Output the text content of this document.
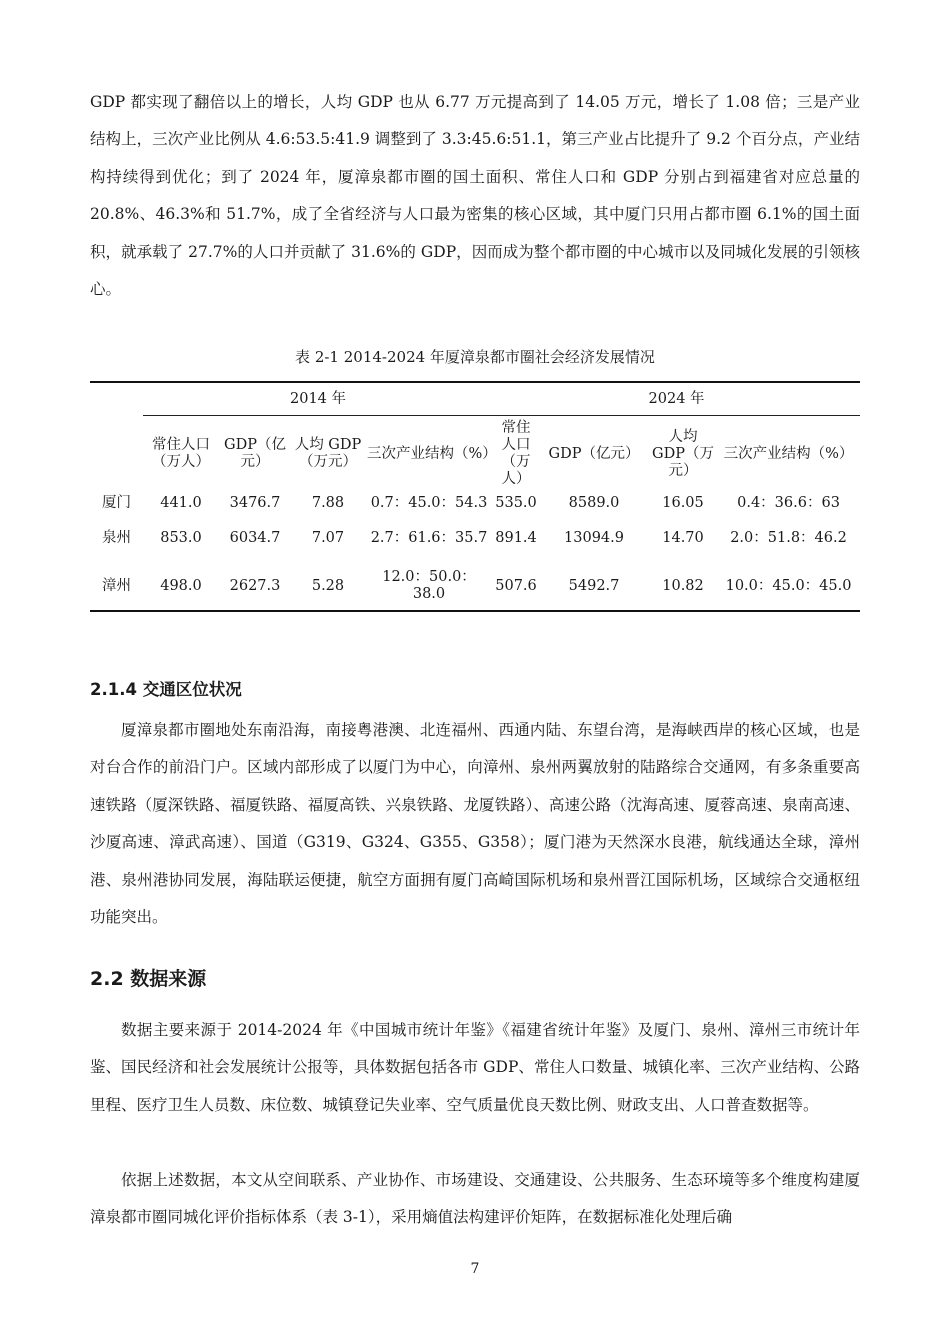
GDP 都实现了翻倍以上的增长，人均 GDP 也从 6.77 万元提高到了 14.05 万元，增长了 1.08 倍；三是产业结构上，三次产业比例从 4.6:53.5:41.9 调整到了 3.3:45.6:51.1，第三产业占比提升了 9.2 个百分点，产业结构持续得到优化；到了 2024 年，厦漳泉都市圈的国土面积、常住人口和 GDP 分别占到福建省对应总量的 20.8%、46.3%和 51.7%，成了全省经济与人口最为密集的核心区域，其中厦门只用占都市圈 6.1%的国土面积，就承载了 27.7%的人口并贡献了 31.6%的 GDP，因而成为整个都市圈的中心城市以及同城化发展的引领核心。

表 2-1 2014-2024 年厦漳泉都市圈社会经济发展情况

	2014 年				2024 年			
	常住人口（万人）	GDP（亿元）	人均 GDP（万元）	三次产业结构（%）	常住人口（万人）	GDP（亿元）	人均 GDP（万元）	三次产业结构（%）
厦门	441.0	3476.7	7.88	0.7：45.0：54.3	535.0	8589.0	16.05	0.4：36.6：63
泉州	853.0	6034.7	7.07	2.7：61.6：35.7	891.4	13094.9	14.70	2.0：51.8：46.2
漳州	498.0	2627.3	5.28	12.0：50.0：38.0	507.6	5492.7	10.82	10.0：45.0：45.0
2.1.4 交通区位状况

厦漳泉都市圈地处东南沿海，南接粤港澳、北连福州、西通内陆、东望台湾，是海峡西岸的核心区域，也是对台合作的前沿门户。区域内部形成了以厦门为中心，向漳州、泉州两翼放射的陆路综合交通网，有多条重要高速铁路（厦深铁路、福厦铁路、福厦高铁、兴泉铁路、龙厦铁路）、高速公路（沈海高速、厦蓉高速、泉南高速、沙厦高速、漳武高速）、国道（G319、G324、G355、G358）；厦门港为天然深水良港，航线通达全球，漳州港、泉州港协同发展，海陆联运便捷，航空方面拥有厦门高崎国际机场和泉州晋江国际机场，区域综合交通枢纽功能突出。

2.2 数据来源

数据主要来源于 2014-2024 年《中国城市统计年鉴》《福建省统计年鉴》及厦门、泉州、漳州三市统计年鉴、国民经济和社会发展统计公报等，具体数据包括各市 GDP、常住人口数量、城镇化率、三次产业结构、公路里程、医疗卫生人员数、床位数、城镇登记失业率、空气质量优良天数比例、财政支出、人口普查数据等。

依据上述数据，本文从空间联系、产业协作、市场建设、交通建设、公共服务、生态环境等多个维度构建厦漳泉都市圈同城化评价指标体系（表 3-1），采用熵值法构建评价矩阵，在数据标准化处理后确

7
